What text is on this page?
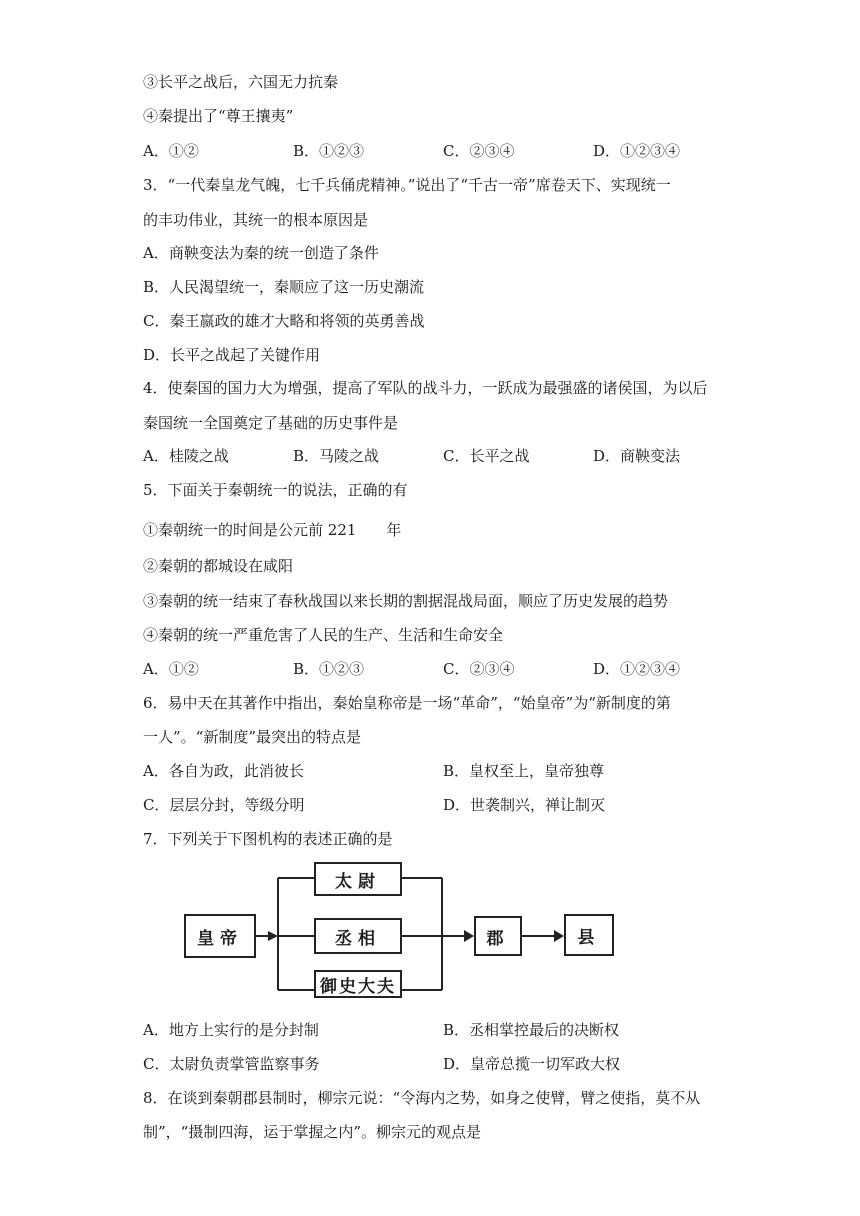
③长平之战后，六国无力抗秦
④秦提出了“尊王攘夷”
A．①②	B．①②③	C．②③④	D．①②③④
3．“一代秦皇龙气魄，七千兵俑虎精神。”说出了“千古一帝”席卷天下、实现统一
的丰功伟业，其统一的根本原因是
A．商鞅变法为秦的统一创造了条件
B．人民渴望统一，秦顺应了这一历史潮流
C．秦王嬴政的雄才大略和将领的英勇善战
D．长平之战起了关键作用
4．使秦国的国力大为增强，提高了军队的战斗力，一跃成为最强盛的诸侯国，为以后
秦国统一全国奠定了基础的历史事件是
A．桂陵之战	B．马陵之战	C．长平之战	D．商鞅变法
5．下面关于秦朝统一的说法，正确的有
①秦朝统一的时间是公元前 221　　年
②秦朝的都城设在咸阳
③秦朝的统一结束了春秋战国以来长期的割据混战局面，顺应了历史发展的趋势
④秦朝的统一严重危害了人民的生产、生活和生命安全
A．①②	B．①②③	C．②③④	D．①②③④
6．易中天在其著作中指出，秦始皇称帝是一场“革命”，“始皇帝”为“新制度的第
一人”。“新制度”最突出的特点是
A．各自为政，此消彼长	B．皇权至上，皇帝独尊
C．层层分封，等级分明	D．世袭制兴，禅让制灭
7．下列关于下图机构的表述正确的是
皇帝
太尉
丞相
御史大夫
郡	县
A．地方上实行的是分封制	B．丞相掌控最后的决断权
C．太尉负责掌管监察事务	D．皇帝总揽一切军政大权
8．在谈到秦朝郡县制时，柳宗元说：“令海内之势，如身之使臂，臂之使指，莫不从
制”，“摄制四海，运于掌握之内”。柳宗元的观点是
